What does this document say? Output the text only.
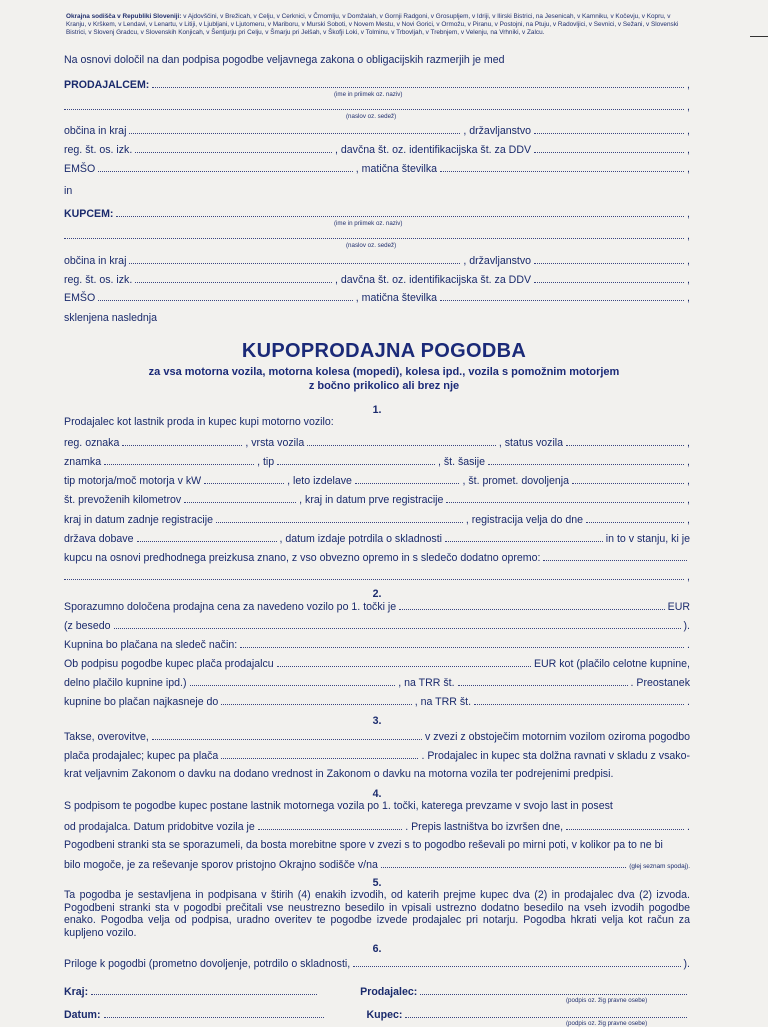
Okrajna sodišča v Republiki Sloveniji: v Ajdovščini, v Brežicah, v Celju, v Cerknici, v Črnomlju, v Domžalah, v Gornji Radgoni, v Grosupljem, v Idriji, v Ilirski Bistrici, na Jesenicah, v Kamniku, v Kočevju, v Kopru, v Kranju, v Krškem, v Lendavi, v Lenartu, v Litiji, v Ljubljani, v Ljutomeru, v Mariboru, v Murski Soboti, v Novem Mestu, v Novi Gorici, v Ormožu, v Piranu, v Postojni, na Ptuju, v Radovljici, v Sevnici, v Sežani, v Slovenski Bistrici, v Slovenj Gradcu, v Slovenskih Konjicah, v Šentjurju pri Celju, v Šmarju pri Jelšah, v Škofji Loki, v Tolminu, v Trbovljah, v Trebnjem, v Velenju, na Vrhniki, v Zalcu.
Na osnovi določil na dan podpisa pogodbe veljavnega zakona o obligacijskih razmerjih je med
PRODAJALCEM:	,
(ime in priimek oz. naziv)
,
(naslov oz. sedež)
občina in kraj	, državljanstvo	,
reg. št. os. izk.	, davčna št. oz. identifikacijska št. za DDV	,
EMŠO	, matična številka	,
in
KUPCEM:	,
(ime in priimek oz. naziv)
,
(naslov oz. sedež)
občina in kraj	, državljanstvo	,
reg. št. os. izk.	, davčna št. oz. identifikacijska št. za DDV	,
EMŠO	, matična številka	,
sklenjena naslednja
KUPOPRODAJNA POGODBA
za vsa motorna vozila, motorna kolesa (mopedi), kolesa ipd., vozila s pomožnim motorjem
z bočno prikolico ali brez nje
1.
Prodajalec kot lastnik proda in kupec kupi motorno vozilo:
reg. oznaka	, vrsta vozila	, status vozila	,
znamka	, tip	, št. šasije	,
tip motorja/moč motorja v kW	, leto izdelave	, št. promet. dovoljenja	,
št. prevoženih kilometrov	, kraj in datum prve registracije	,
kraj in datum zadnje registracije	, registracija velja do dne	,
država dobave	, datum izdaje potrdila o skladnosti	in to v stanju, ki je
kupcu na osnovi predhodnega preizkusa znano, z vso obvezno opremo in s sledečo dodatno opremo:
,
2.
Sporazumno določena prodajna cena za navedeno vozilo po 1. točki je	EUR
(z besedo	).
Kupnina bo plačana na sledeč način:	.
Ob podpisu pogodbe kupec plača prodajalcu	EUR kot (plačilo celotne kupnine,
delno plačilo kupnine ipd.)	, na TRR št.	. Preostanek
kupnine bo plačan najkasneje do	, na TRR št.	.
3.
Takse, overovitve,	v zvezi z obstoječim motornim vozilom oziroma pogodbo
plača prodajalec; kupec pa plača	. Prodajalec in kupec sta dolžna ravnati v skladu z vsako-
krat veljavnim Zakonom o davku na dodano vrednost in Zakonom o davku na motorna vozila ter podrejenimi predpisi.
4.
S podpisom te pogodbe kupec postane lastnik motornega vozila po 1. točki, katerega prevzame v svojo last in posest
od prodajalca. Datum pridobitve vozila je	. Prepis lastništva bo izvršen dne,	.
Pogodbeni stranki sta se sporazumeli, da bosta morebitne spore v zvezi s to pogodbo reševali po mirni poti, v kolikor pa to ne bi
bilo mogoče, je za reševanje sporov pristojno Okrajno sodišče v/na	(glej seznam spodaj).
5.
Ta pogodba je sestavljena in podpisana v štirih (4) enakih izvodih, od katerih prejme kupec dva (2) in prodajalec dva (2) izvoda. Pogodbeni stranki sta v pogodbi prečitali vse neustrezno besedilo in vpisali ustrezno dodatno besedilo na vseh izvodih pogodbe enako. Pogodba velja od podpisa, uradno overitev te pogodbe izvede prodajalec pri notarju. Pogodba hkrati velja kot račun za kupljeno vozilo.
6.
Priloge k pogodbi (prometno dovoljenje, potrdilo o skladnosti,	).
Kraj:	Prodajalec:
(podpis oz. žig pravne osebe)
Datum:	Kupec:
(podpis oz. žig pravne osebe)
